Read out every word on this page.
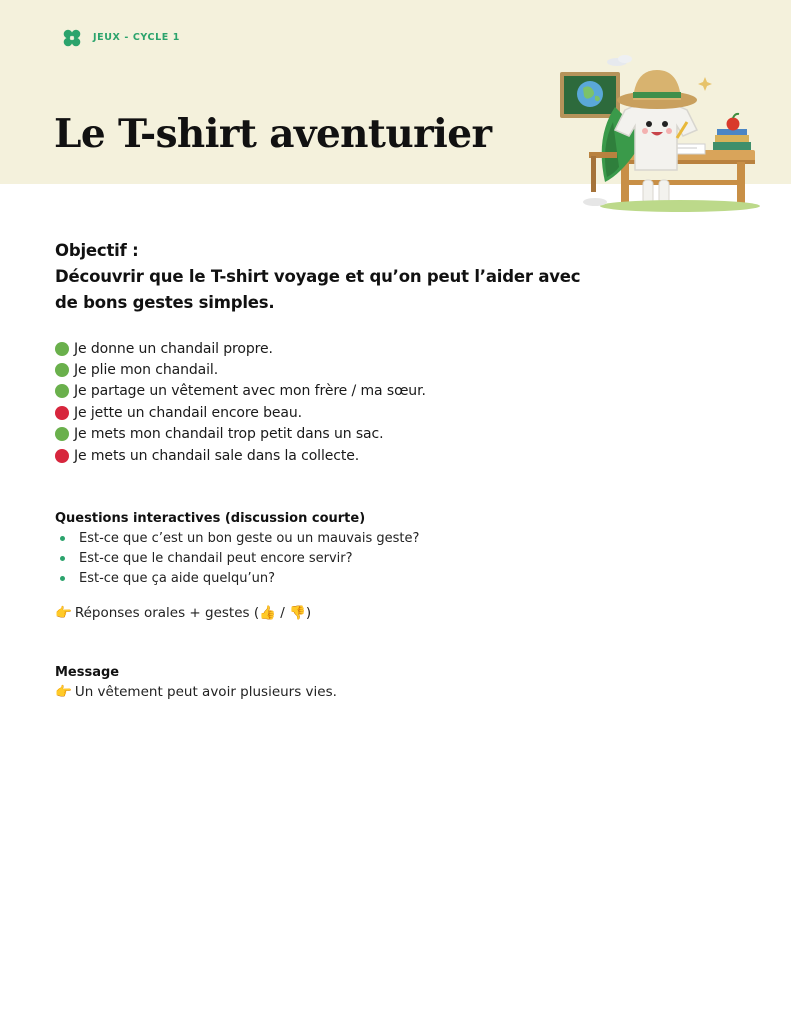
JEUX - CYCLE 1
Le T-shirt aventurier
Objectif :
Découvrir que le T-shirt voyage et qu’on peut l’aider avec
de bons gestes simples.
Je donne un chandail propre.
Je plie mon chandail.
Je partage un vêtement avec mon frère / ma sœur.
Je jette un chandail encore beau.
Je mets mon chandail trop petit dans un sac.
Je mets un chandail sale dans la collecte.
Questions interactives (discussion courte)
Est-ce que c’est un bon geste ou un mauvais geste?
Est-ce que le chandail peut encore servir?
Est-ce que ça aide quelqu’un?
👉 Réponses orales + gestes ( 👍 / 👎 )
Message
👉 Un vêtement peut avoir plusieurs vies.
